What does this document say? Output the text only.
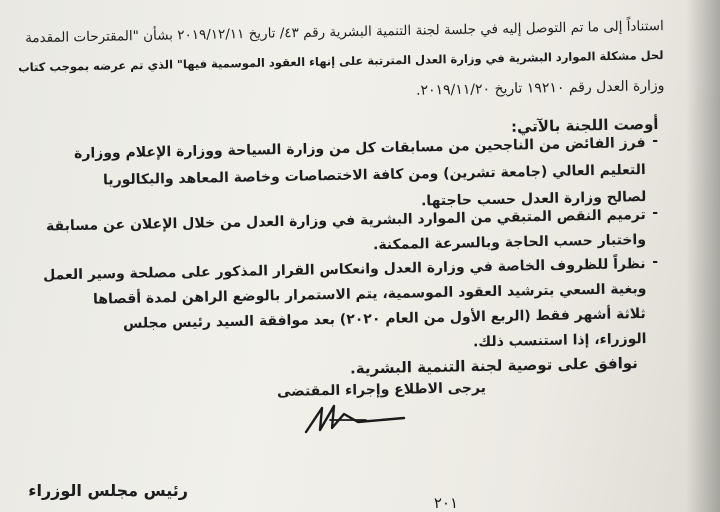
استناداً إلى ما تم التوصل إليه في جلسة لجنة التنمية البشرية رقم ٤٣/ تاريخ ٢٠١٩/١٢/١١ بشأن "المقترحات المقدمة
لحل مشكلة الموارد البشرية في وزارة العدل المترتبة على إنهاء العقود الموسمية فيها" الذي تم عرضه بموجب كتاب
وزارة العدل رقم ١٩٢١٠ تاريخ ٢٠١٩/١١/٢٠.
أوصت اللجنة بالآتي:
-
فرز الفائض من الناجحين من مسابقات كل من وزارة السياحة ووزارة الإعلام ووزارة
التعليم العالي (جامعة تشرين) ومن كافة الاختصاصات وخاصة المعاهد والبكالوريا
لصالح وزارة العدل حسب حاجتها.
-
ترميم النقص المتبقي من الموارد البشرية في وزارة العدل من خلال الإعلان عن مسابقة
واختبار حسب الحاجة وبالسرعة الممكنة.
-
نظراً للظروف الخاصة في وزارة العدل وانعكاس القرار المذكور على مصلحة وسير العمل
وبغية السعي بترشيد العقود الموسمية، يتم الاستمرار بالوضع الراهن لمدة أقصاها
ثلاثة أشهر فقط (الربع الأول من العام ٢٠٢٠) بعد موافقة السيد رئيس مجلس
الوزراء، إذا استنسب ذلك.
نوافق على توصية لجنة التنمية البشرية.
يرجى الاطلاع وإجراء المقتضى
رئيس مجلس الوزراء
٢٠١
